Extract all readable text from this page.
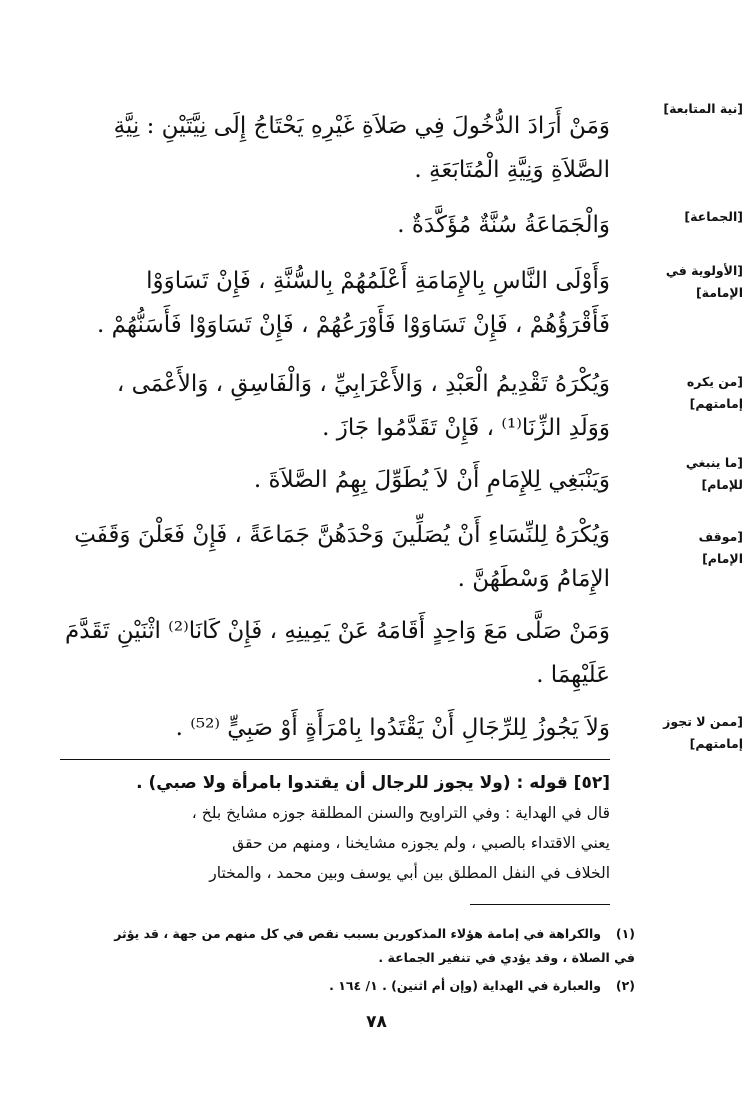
[نية المتابعة]
[الجماعة]
[الأولوية في الإمامة]
[من يكره إمامتهم]
[ما ينبغي للإمام]
[موقف الإمام]
[ممن لا تجوز إمامتهم]
وَمَنْ أَرَادَ الدُّخُولَ فِي صَلاَةِ غَيْرِهِ يَحْتَاجُ إِلَى نِيَّتَيْنِ : نِيَّةِ
الصَّلاَةِ وَنِيَّةِ الْمُتَابَعَةِ .
وَالْجَمَاعَةُ سُنَّةٌ مُؤَكَّدَةٌ .
وَأَوْلَى النَّاسِ بِالإِمَامَةِ أَعْلَمُهُمْ بِالسُّنَّةِ ، فَإِنْ تَسَاوَوْا
فَأَقْرَؤُهُمْ ، فَإِنْ تَسَاوَوْا فَأَوْرَعُهُمْ ، فَإِنْ تَسَاوَوْا فَأَسَنُّهُمْ .
وَيُكْرَهُ تَقْدِيمُ الْعَبْدِ ، وَالأَعْرَابِيِّ ، وَالْفَاسِقِ ، وَالأَعْمَى ،
وَوَلَدِ الزِّنَا⁽¹⁾ ، فَإِنْ تَقَدَّمُوا جَازَ .
وَيَنْبَغِي لِلإِمَامِ أَنْ لاَ يُطَوِّلَ بِهِمُ الصَّلاَةَ .
وَيُكْرَهُ لِلنِّسَاءِ أَنْ يُصَلِّينَ وَحْدَهُنَّ جَمَاعَةً ، فَإِنْ فَعَلْنَ وَقَفَتِ
الإِمَامُ وَسْطَهُنَّ .
وَمَنْ صَلَّى مَعَ وَاحِدٍ أَقَامَهُ عَنْ يَمِينِهِ ، فَإِنْ كَانَا⁽²⁾ اثْنَيْنِ تَقَدَّمَ
عَلَيْهِمَا .
وَلاَ يَجُوزُ لِلرِّجَالِ أَنْ يَقْتَدُوا بِامْرَأَةٍ أَوْ صَبِيٍّ ⁽⁵²⁾ .
[٥٢] قوله : (ولا يجوز للرجال أن يقتدوا بامرأة ولا صبي) .
قال في الهداية : وفي التراويح والسنن المطلقة جوزه مشايخ بلخ ،
يعني الاقتداء بالصبي ، ولم يجوزه مشايخنا ، ومنهم من حقق
الخلاف في النفل المطلق بين أبي يوسف وبين محمد ، والمختار
(١)والكراهة في إمامة هؤلاء المذكورين بسبب نقص في كل منهم من جهة ، قد يؤثر
في الصلاة ، وقد يؤدي في تنفير الجماعة .
(٢)والعبارة في الهداية (وإن أم اثنين) . ١/ ١٦٤ .
٧٨
